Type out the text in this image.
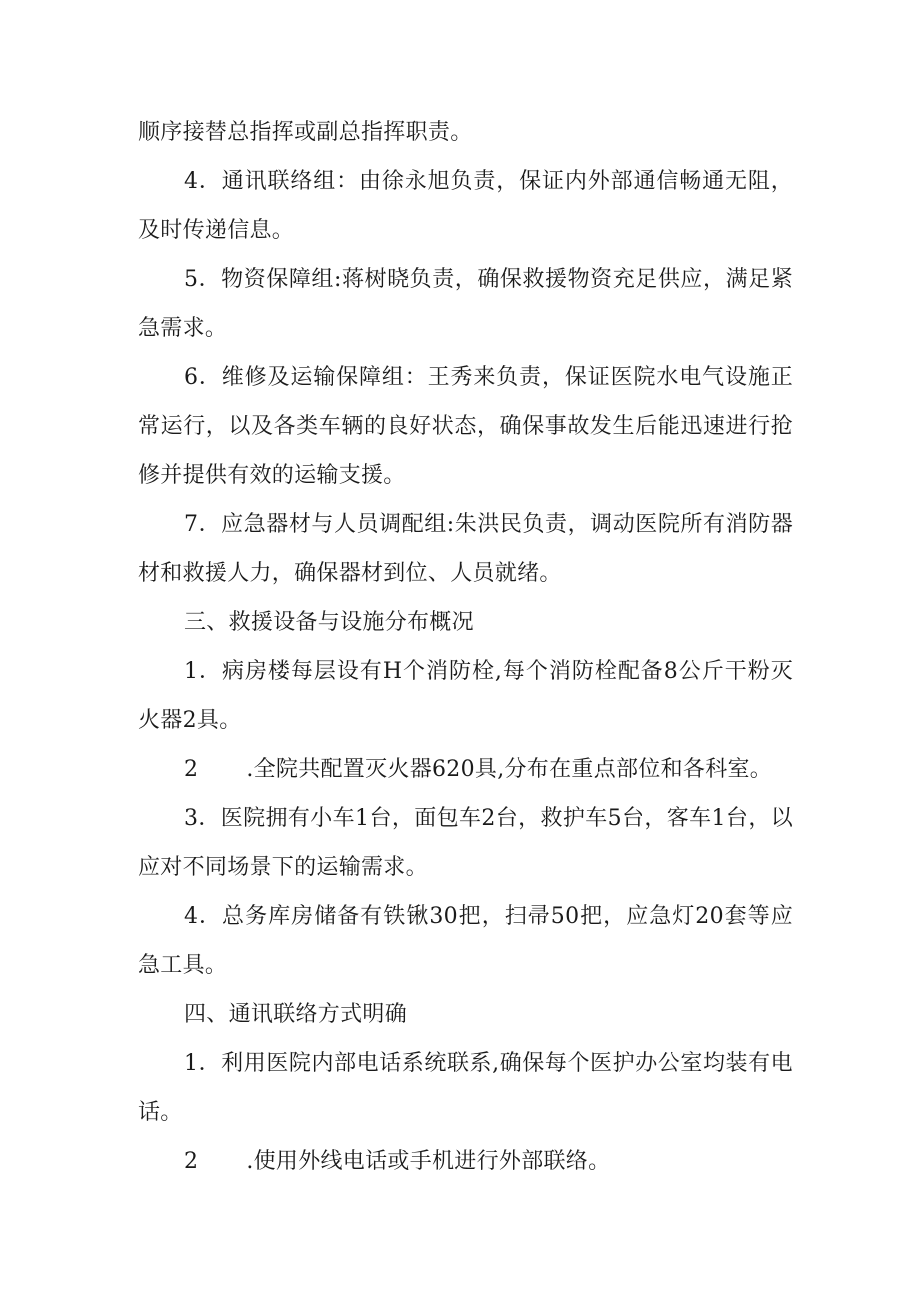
顺序接替总指挥或副总指挥职责。

4．通讯联络组：由徐永旭负责，保证内外部通信畅通无阻，及时传递信息。

5．物资保障组:蒋树晓负责，确保救援物资充足供应，满足紧急需求。

6．维修及运输保障组：王秀来负责，保证医院水电气设施正常运行，以及各类车辆的良好状态，确保事故发生后能迅速进行抢修并提供有效的运输支援。

7．应急器材与人员调配组:朱洪民负责，调动医院所有消防器材和救援人力，确保器材到位、人员就绪。

三、救援设备与设施分布概况

1．病房楼每层设有H个消防栓,每个消防栓配备8公斤干粉灭火器2具。

2 .全院共配置灭火器620具,分布在重点部位和各科室。

3．医院拥有小车1台，面包车2台，救护车5台，客车1台，以应对不同场景下的运输需求。

4．总务库房储备有铁锹30把，扫帚50把，应急灯20套等应急工具。

四、通讯联络方式明确

1．利用医院内部电话系统联系,确保每个医护办公室均装有电话。

2 .使用外线电话或手机进行外部联络。
